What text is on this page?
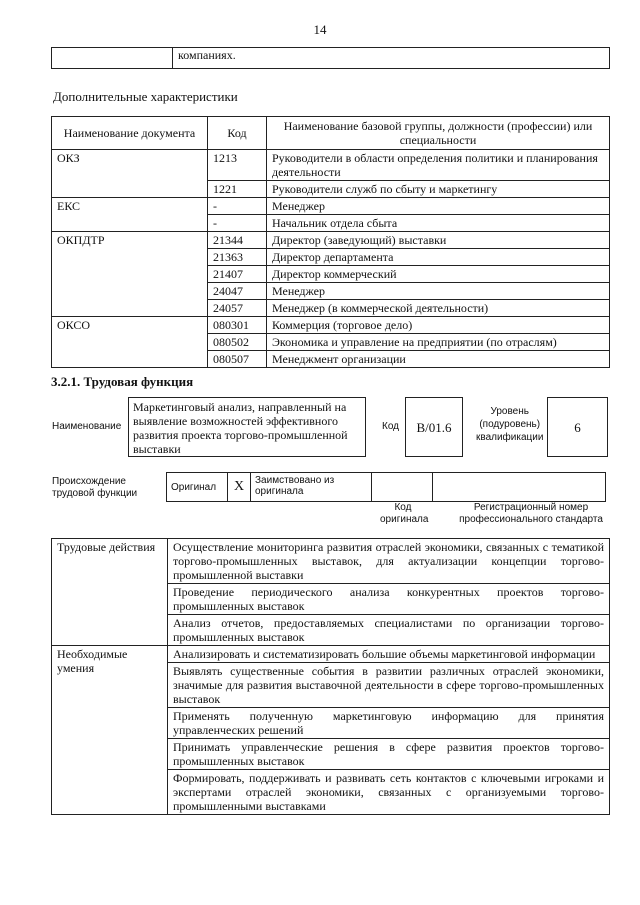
14
	компаниях.
Дополнительные характеристики
Наименование документа	Код	Наименование базовой группы, должности (профессии) или специальности
ОКЗ	1213	Руководители в области определения политики и планирования деятельности
	1221	Руководители служб по сбыту и маркетингу
ЕКС	-	Менеджер
	-	Начальник отдела сбыта
ОКПДТР	21344	Директор (заведующий) выставки
	21363	Директор департамента
	21407	Директор коммерческий
	24047	Менеджер
	24057	Менеджер (в коммерческой деятельности)
ОКСО	080301	Коммерция (торговое дело)
	080502	Экономика и управление на предприятии (по отраслям)
	080507	Менеджмент организации
3.2.1. Трудовая функция
Наименование
Маркетинговый анализ, направленный на выявление возможностей эффективного развития проекта торгово-промышленной выставки
Код	B/01.6
Уровень
(подуровень)
квалификации
6
Происхождение
трудовой функции
Оригинал	X	Заимствовано из
оригинала

Код
оригинала
Регистрационный номер
профессионального стандарта
Трудовые действия	Осуществление мониторинга развития отраслей экономики, связанных с тематикой торгово-промышленных выставок, для актуализации концепции торгово-промышленной выставки
	Проведение периодического анализа конкурентных проектов торгово-промышленных выставок
	Анализ отчетов, предоставляемых специалистами по организации торгово-промышленных выставок
Необходимые умения	Анализировать и систематизировать большие объемы маркетинговой информации
	Выявлять существенные события в развитии различных отраслей экономики, значимые для развития выставочной деятельности в сфере торгово-промышленных выставок
	Применять полученную маркетинговую информацию для принятия управленческих решений
	Принимать управленческие решения в сфере развития проектов торгово-промышленных выставок
	Формировать, поддерживать и развивать сеть контактов с ключевыми игроками и экспертами отраслей экономики, связанных с организуемыми торгово-промышленными выставками
